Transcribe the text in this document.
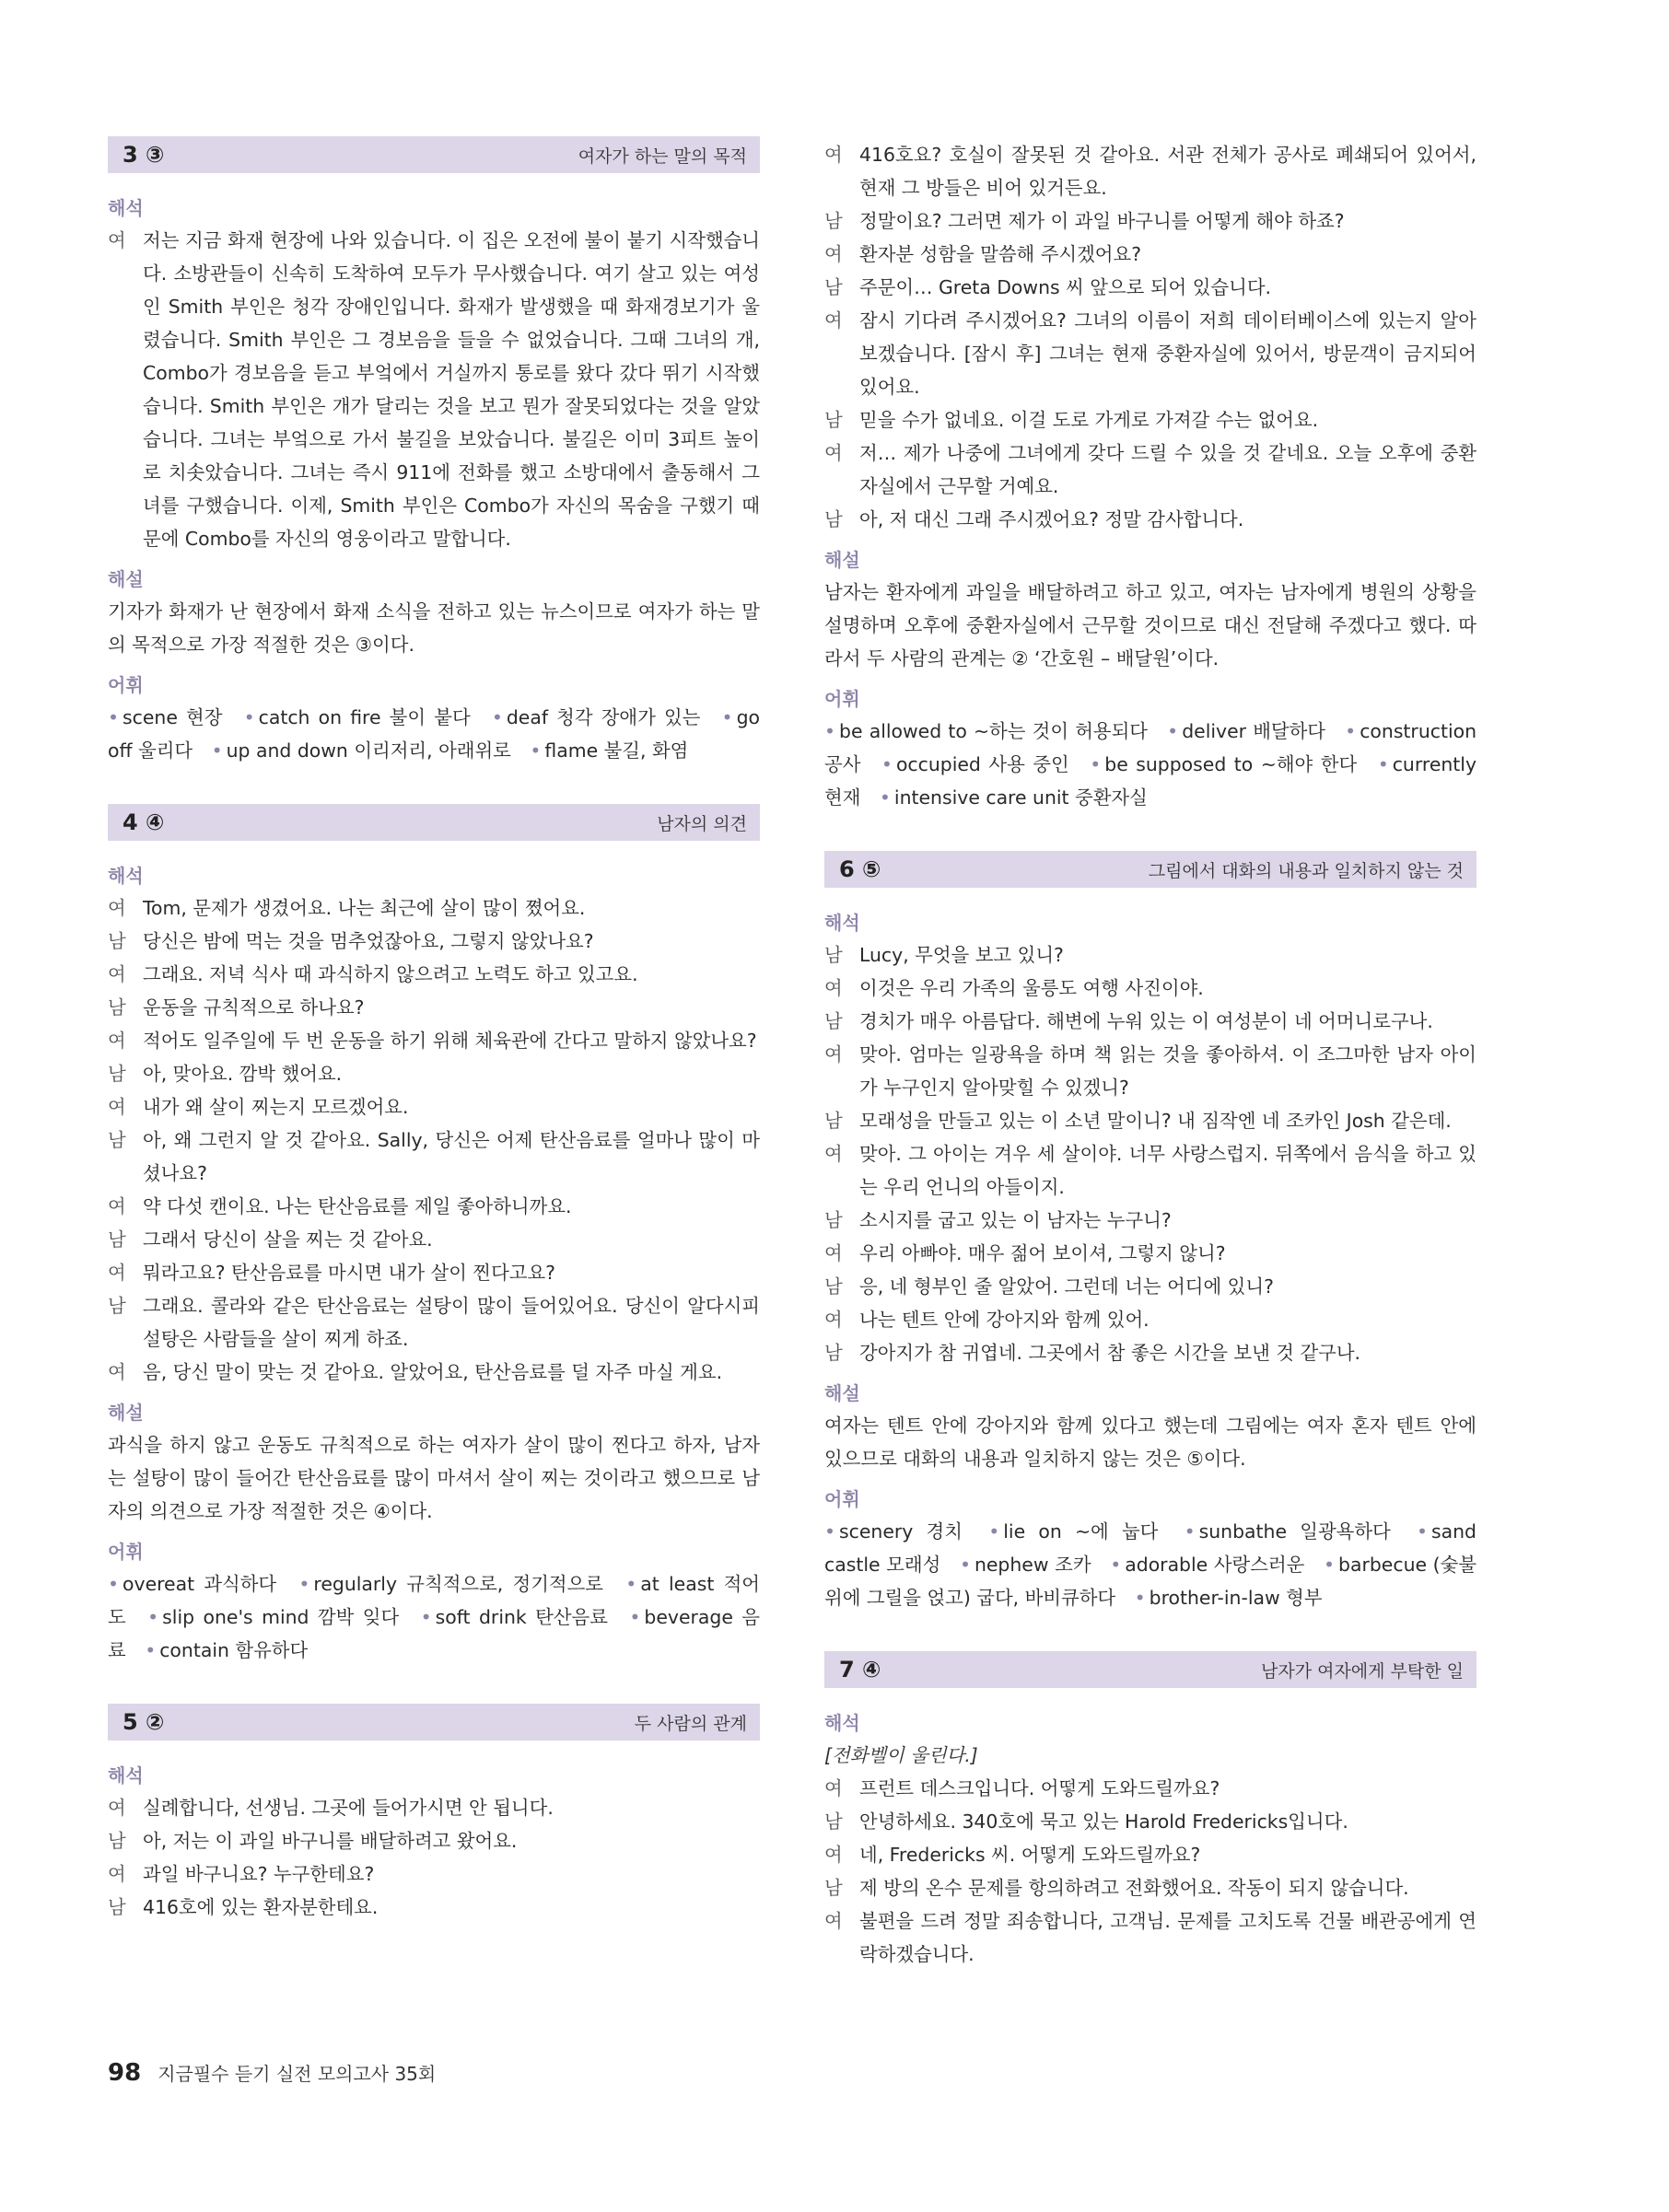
3 ③	여자가 하는 말의 목적
해석
여 저는 지금 화재 현장에 나와 있습니다. 이 집은 오전에 불이 붙기 시작했습니다. 소방관들이 신속히 도착하여 모두가 무사했습니다. 여기 살고 있는 여성인 Smith 부인은 청각 장애인입니다. 화재가 발생했을 때 화재경보기가 울렸습니다. Smith 부인은 그 경보음을 들을 수 없었습니다. 그때 그녀의 개, Combo가 경보음을 듣고 부엌에서 거실까지 통로를 왔다 갔다 뛰기 시작했습니다. Smith 부인은 개가 달리는 것을 보고 뭔가 잘못되었다는 것을 알았습니다. 그녀는 부엌으로 가서 불길을 보았습니다. 불길은 이미 3피트 높이로 치솟았습니다. 그녀는 즉시 911에 전화를 했고 소방대에서 출동해서 그녀를 구했습니다. 이제, Smith 부인은 Combo가 자신의 목숨을 구했기 때문에 Combo를 자신의 영웅이라고 말합니다.
해설
기자가 화재가 난 현장에서 화재 소식을 전하고 있는 뉴스이므로 여자가 하는 말의 목적으로 가장 적절한 것은 ③이다.
어휘
• scene 현장 • catch on fire 불이 붙다 • deaf 청각 장애가 있는 • go off 울리다 • up and down 이리저리, 아래위로 • flame 불길, 화염
4 ④	남자의 의견
해석
여 Tom, 문제가 생겼어요. 나는 최근에 살이 많이 쪘어요.
남 당신은 밤에 먹는 것을 멈추었잖아요, 그렇지 않았나요?
여 그래요. 저녁 식사 때 과식하지 않으려고 노력도 하고 있고요.
남 운동을 규칙적으로 하나요?
여 적어도 일주일에 두 번 운동을 하기 위해 체육관에 간다고 말하지 않았나요?
남 아, 맞아요. 깜박 했어요.
여 내가 왜 살이 찌는지 모르겠어요.
남 아, 왜 그런지 알 것 같아요. Sally, 당신은 어제 탄산음료를 얼마나 많이 마셨나요?
여 약 다섯 캔이요. 나는 탄산음료를 제일 좋아하니까요.
남 그래서 당신이 살을 찌는 것 같아요.
여 뭐라고요? 탄산음료를 마시면 내가 살이 찐다고요?
남 그래요. 콜라와 같은 탄산음료는 설탕이 많이 들어있어요. 당신이 알다시피 설탕은 사람들을 살이 찌게 하죠.
여 음, 당신 말이 맞는 것 같아요. 알았어요, 탄산음료를 덜 자주 마실 게요.
해설
과식을 하지 않고 운동도 규칙적으로 하는 여자가 살이 많이 찐다고 하자, 남자는 설탕이 많이 들어간 탄산음료를 많이 마셔서 살이 찌는 것이라고 했으므로 남자의 의견으로 가장 적절한 것은 ④이다.
어휘
• overeat 과식하다 • regularly 규칙적으로, 정기적으로 • at least 적어도 • slip one's mind 깜박 잊다 • soft drink 탄산음료 • beverage 음료 • contain 함유하다
5 ②	두 사람의 관계
해석
여 실례합니다, 선생님. 그곳에 들어가시면 안 됩니다.
남 아, 저는 이 과일 바구니를 배달하려고 왔어요.
여 과일 바구니요? 누구한테요?
남 416호에 있는 환자분한테요.
여 416호요? 호실이 잘못된 것 같아요. 서관 전체가 공사로 폐쇄되어 있어서, 현재 그 방들은 비어 있거든요.
남 정말이요? 그러면 제가 이 과일 바구니를 어떻게 해야 하죠?
여 환자분 성함을 말씀해 주시겠어요?
남 주문이… Greta Downs 씨 앞으로 되어 있습니다.
여 잠시 기다려 주시겠어요? 그녀의 이름이 저희 데이터베이스에 있는지 알아보겠습니다. [잠시 후] 그녀는 현재 중환자실에 있어서, 방문객이 금지되어 있어요.
남 믿을 수가 없네요. 이걸 도로 가게로 가져갈 수는 없어요.
여 저… 제가 나중에 그녀에게 갖다 드릴 수 있을 것 같네요. 오늘 오후에 중환자실에서 근무할 거예요.
남 아, 저 대신 그래 주시겠어요? 정말 감사합니다.
해설
남자는 환자에게 과일을 배달하려고 하고 있고, 여자는 남자에게 병원의 상황을 설명하며 오후에 중환자실에서 근무할 것이므로 대신 전달해 주겠다고 했다. 따라서 두 사람의 관계는 ② ‘간호원 – 배달원’이다.
어휘
• be allowed to ~하는 것이 허용되다 • deliver 배달하다 • construction 공사 • occupied 사용 중인 • be supposed to ~해야 한다 • currently 현재 • intensive care unit 중환자실
6 ⑤	그림에서 대화의 내용과 일치하지 않는 것
해석
남 Lucy, 무엇을 보고 있니?
여 이것은 우리 가족의 울릉도 여행 사진이야.
남 경치가 매우 아름답다. 해변에 누워 있는 이 여성분이 네 어머니로구나.
여 맞아. 엄마는 일광욕을 하며 책 읽는 것을 좋아하셔. 이 조그마한 남자 아이가 누구인지 알아맞힐 수 있겠니?
남 모래성을 만들고 있는 이 소년 말이니? 내 짐작엔 네 조카인 Josh 같은데.
여 맞아. 그 아이는 겨우 세 살이야. 너무 사랑스럽지. 뒤쪽에서 음식을 하고 있는 우리 언니의 아들이지.
남 소시지를 굽고 있는 이 남자는 누구니?
여 우리 아빠야. 매우 젊어 보이셔, 그렇지 않니?
남 응, 네 형부인 줄 알았어. 그런데 너는 어디에 있니?
여 나는 텐트 안에 강아지와 함께 있어.
남 강아지가 참 귀엽네. 그곳에서 참 좋은 시간을 보낸 것 같구나.
해설
여자는 텐트 안에 강아지와 함께 있다고 했는데 그림에는 여자 혼자 텐트 안에 있으므로 대화의 내용과 일치하지 않는 것은 ⑤이다.
어휘
• scenery 경치 • lie on ~에 눕다 • sunbathe 일광욕하다 • sand castle 모래성 • nephew 조카 • adorable 사랑스러운 • barbecue (숯불 위에 그릴을 얹고) 굽다, 바비큐하다 • brother-in-law 형부
7 ④	남자가 여자에게 부탁한 일
해석
[전화벨이 울린다.]
여 프런트 데스크입니다. 어떻게 도와드릴까요?
남 안녕하세요. 340호에 묵고 있는 Harold Fredericks입니다.
여 네, Fredericks 씨. 어떻게 도와드릴까요?
남 제 방의 온수 문제를 항의하려고 전화했어요. 작동이 되지 않습니다.
여 불편을 드려 정말 죄송합니다, 고객님. 문제를 고치도록 건물 배관공에게 연락하겠습니다.
98 지금필수 듣기 실전 모의고사 35회
